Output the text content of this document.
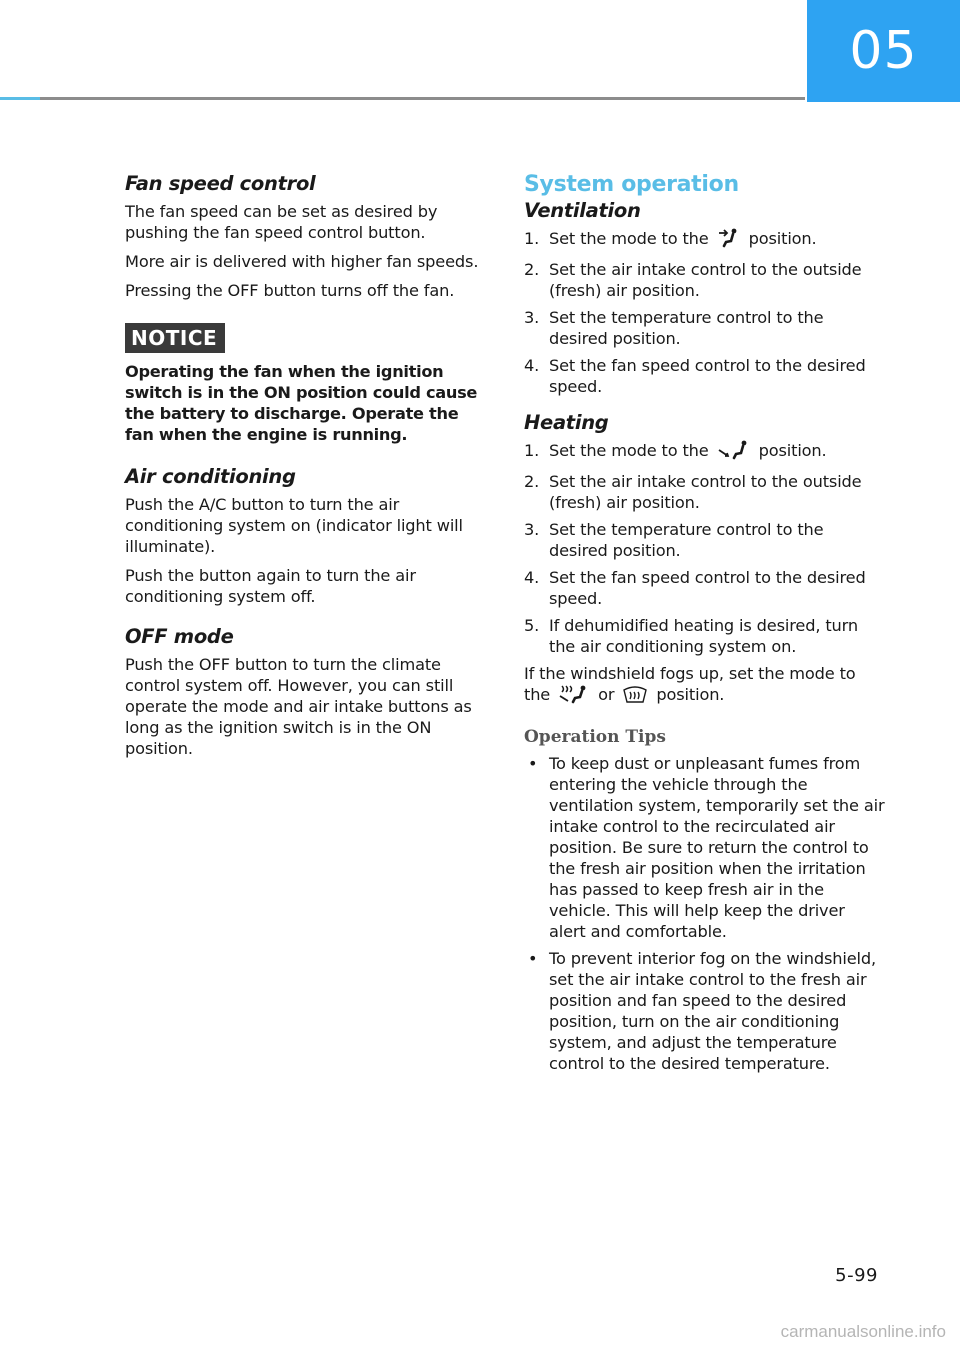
05
Fan speed control

The fan speed can be set as desired by pushing the fan speed control button.

More air is delivered with higher fan speeds.

Pressing the OFF button turns off the fan.

NOTICE

Operating the fan when the ignition switch is in the ON position could cause the battery to discharge. Operate the fan when the engine is running.

Air conditioning

Push the A/C button to turn the air conditioning system on (indicator light will illuminate).

Push the button again to turn the air conditioning system off.

OFF mode

Push the OFF button to turn the climate control system off. However, you can still operate the mode and air intake buttons as long as the ignition switch is in the ON position.

System operation
Ventilation
1. Set the mode to the position.
2. Set the air intake control to the outside (fresh) air position.
3. Set the temperature control to the desired position.
4. Set the fan speed control to the desired speed.
Heating
1. Set the mode to the	position.
2. Set the air intake control to the outside (fresh) air position.
3. Set the temperature control to the desired position.
4. Set the fan speed control to the desired speed.
5. If dehumidified heating is desired, turn the air conditioning system on.

If the windshield fogs up, set the mode to the	or	position.

Operation Tips
• To keep dust or unpleasant fumes from entering the vehicle through the ventilation system, temporarily set the air intake control to the recirculated air position. Be sure to return the control to the fresh air position when the irritation has passed to keep fresh air in the vehicle. This will help keep the driver alert and comfortable.
• To prevent interior fog on the windshield, set the air intake control to the fresh air position and fan speed to the desired position, turn on the air conditioning system, and adjust the temperature control to the desired temperature.
5-99
carmanualsonline.info
